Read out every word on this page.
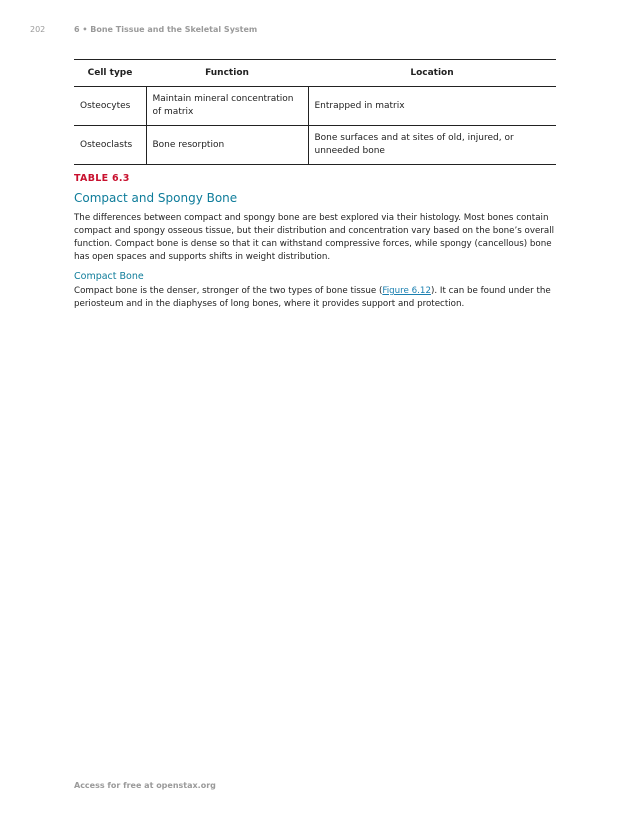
202	6 • Bone Tissue and the Skeletal System
Cell type	Function	Location
Osteocytes	Maintain mineral concentration of matrix	Entrapped in matrix
Osteoclasts	Bone resorption	Bone surfaces and at sites of old, injured, or unneeded bone
TABLE 6.3
Compact and Spongy Bone
The differences between compact and spongy bone are best explored via their histology. Most bones contain compact and spongy osseous tissue, but their distribution and concentration vary based on the bone’s overall function. Compact bone is dense so that it can withstand compressive forces, while spongy (cancellous) bone has open spaces and supports shifts in weight distribution.
Compact Bone
Compact bone is the denser, stronger of the two types of bone tissue (Figure 6.12). It can be found under the periosteum and in the diaphyses of long bones, where it provides support and protection.
Access for free at openstax.org
